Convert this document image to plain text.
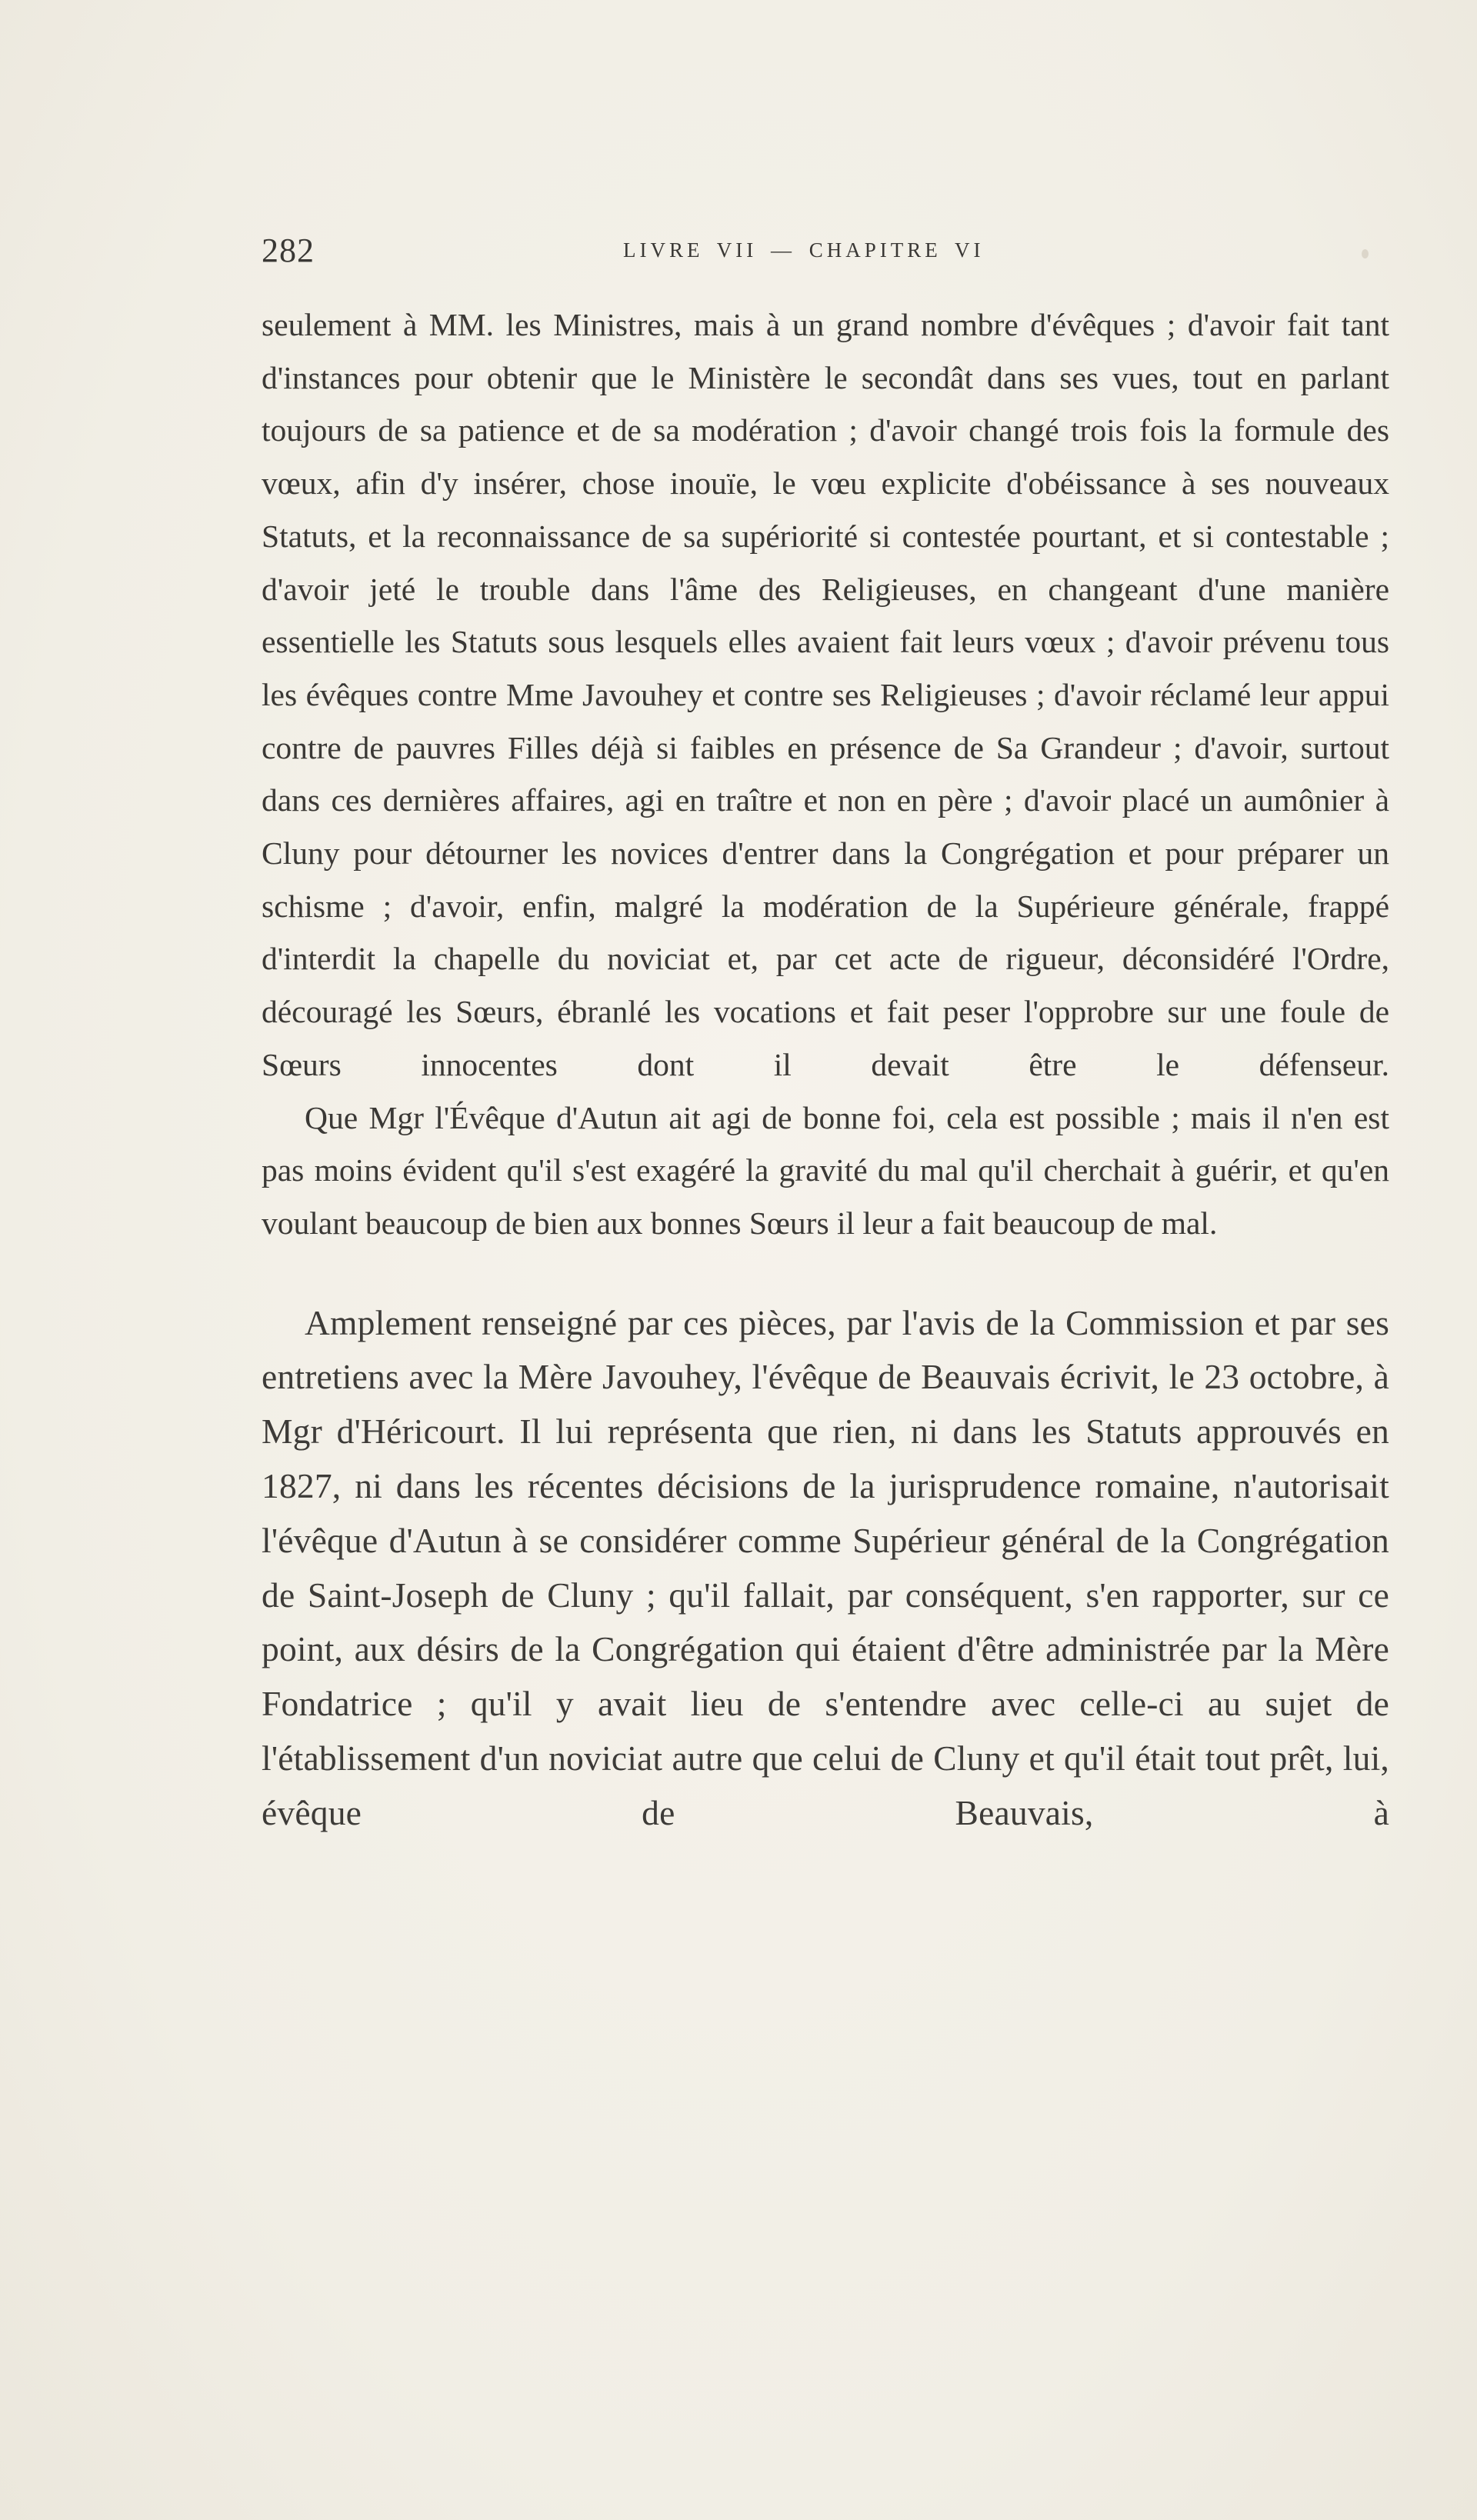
282	LIVRE VII — CHAPITRE VI

seulement à MM. les Ministres, mais à un grand nombre d'évêques ; d'avoir fait tant d'instances pour obtenir que le Ministère le secondât dans ses vues, tout en parlant toujours de sa patience et de sa modération ; d'avoir changé trois fois la formule des vœux, afin d'y insérer, chose inouïe, le vœu explicite d'obéissance à ses nouveaux Statuts, et la reconnaissance de sa supériorité si contestée pourtant, et si contestable ; d'avoir jeté le trouble dans l'âme des Religieuses, en changeant d'une manière essentielle les Statuts sous lesquels elles avaient fait leurs vœux ; d'avoir prévenu tous les évêques contre Mme Javouhey et contre ses Religieuses ; d'avoir réclamé leur appui contre de pauvres Filles déjà si faibles en présence de Sa Grandeur ; d'avoir, surtout dans ces dernières affaires, agi en traître et non en père ; d'avoir placé un aumônier à Cluny pour détourner les novices d'entrer dans la Congrégation et pour préparer un schisme ; d'avoir, enfin, malgré la modération de la Supérieure générale, frappé d'interdit la chapelle du noviciat et, par cet acte de rigueur, déconsidéré l'Ordre, découragé les Sœurs, ébranlé les vocations et fait peser l'opprobre sur une foule de Sœurs innocentes dont il devait être le défenseur.

Que Mgr l'Évêque d'Autun ait agi de bonne foi, cela est possible ; mais il n'en est pas moins évident qu'il s'est exagéré la gravité du mal qu'il cherchait à guérir, et qu'en voulant beaucoup de bien aux bonnes Sœurs il leur a fait beaucoup de mal.

Amplement renseigné par ces pièces, par l'avis de la Commission et par ses entretiens avec la Mère Javouhey, l'évêque de Beauvais écrivit, le 23 octobre, à Mgr d'Héricourt. Il lui représenta que rien, ni dans les Statuts approuvés en 1827, ni dans les récentes décisions de la jurisprudence romaine, n'autorisait l'évêque d'Autun à se considérer comme Supérieur général de la Congrégation de Saint-Joseph de Cluny ; qu'il fallait, par conséquent, s'en rapporter, sur ce point, aux désirs de la Congrégation qui étaient d'être administrée par la Mère Fondatrice ; qu'il y avait lieu de s'entendre avec celle-ci au sujet de l'établissement d'un noviciat autre que celui de Cluny et qu'il était tout prêt, lui, évêque de Beauvais, à
